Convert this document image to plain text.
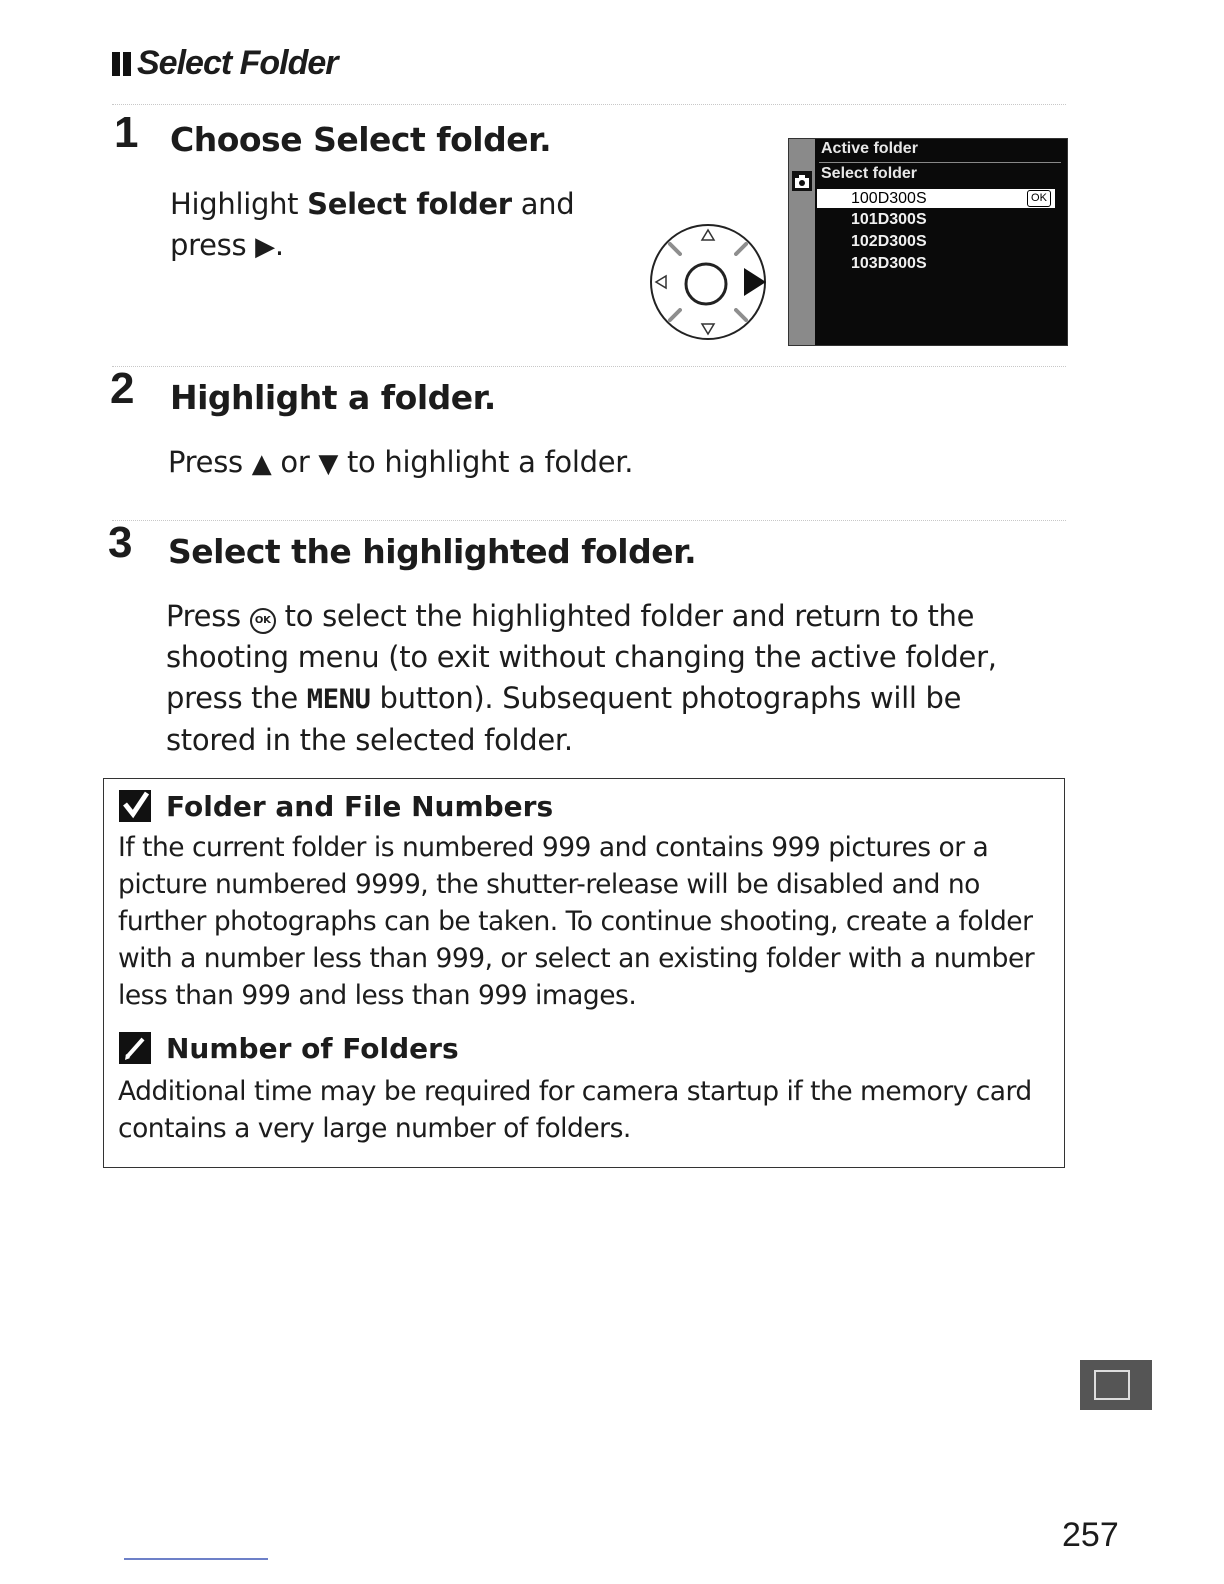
Select Folder
1 Choose Select folder.
Highlight Select folder and
press ▶.
Active folder
Select folder
100D300S	OK
101D300S
102D300S
103D300S
2 Highlight a folder.
Press ▲ or ▼ to highlight a folder.
3 Select the highlighted folder.
Press OK to select the highlighted folder and return to the
shooting menu (to exit without changing the active folder,
press the MENU button). Subsequent photographs will be
stored in the selected folder.
Folder and File Numbers
If the current folder is numbered 999 and contains 999 pictures or a
picture numbered 9999, the shutter-release will be disabled and no
further photographs can be taken. To continue shooting, create a folder
with a number less than 999, or select an existing folder with a number
less than 999 and less than 999 images.
Number of Folders
Additional time may be required for camera startup if the memory card
contains a very large number of folders.
257
